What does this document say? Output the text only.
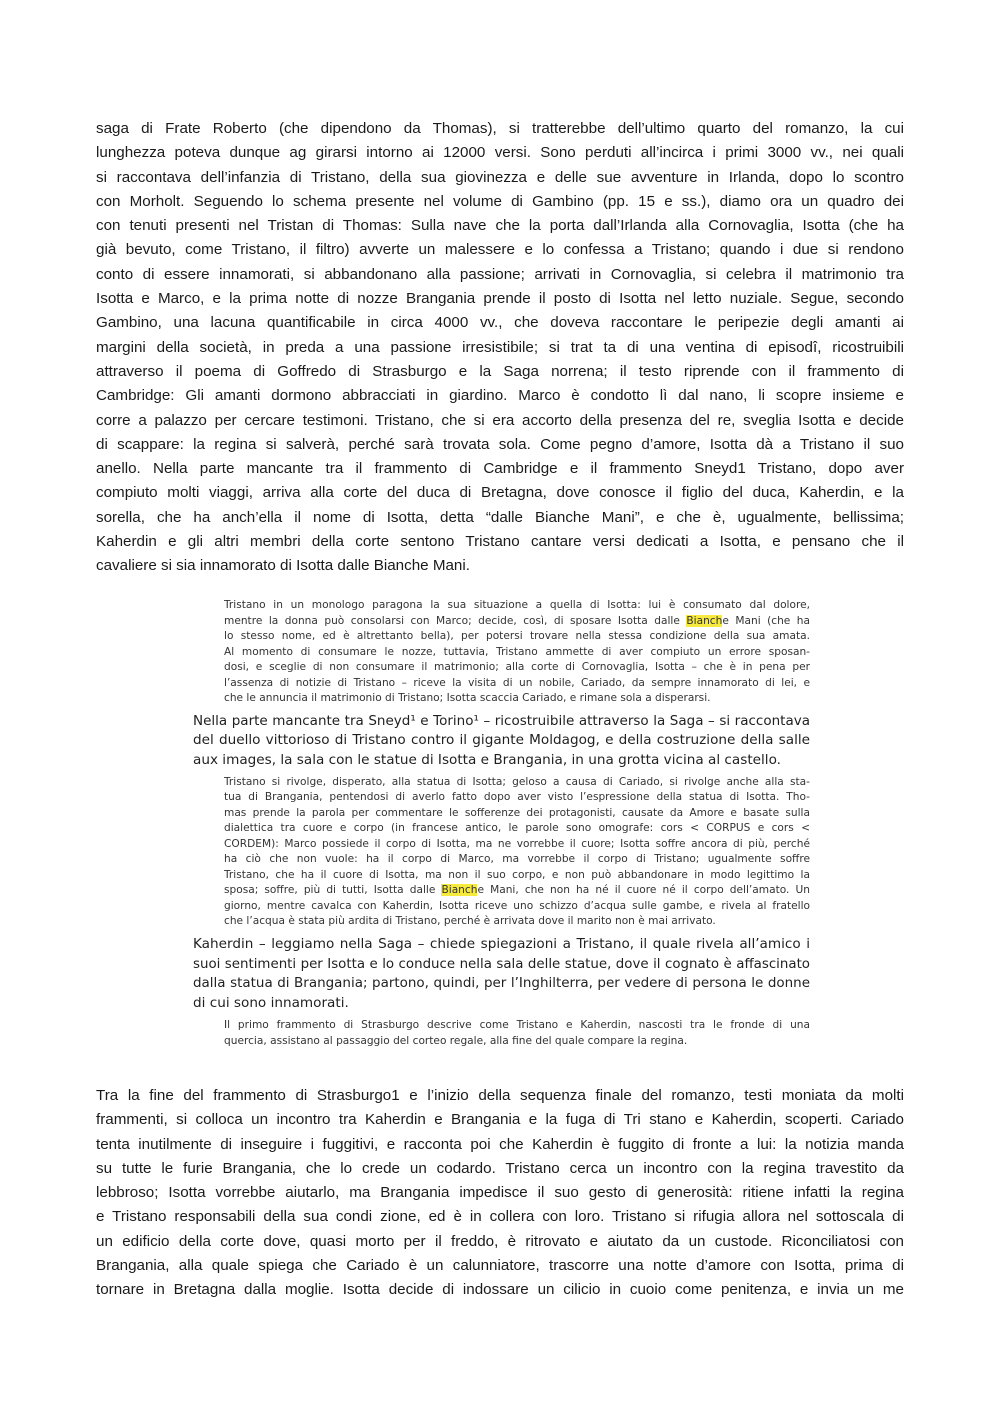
saga di Frate Roberto (che dipendono da Thomas), si tratterebbe dell’ultimo quarto del romanzo, la cui
lunghezza poteva dunque ag girarsi intorno ai 12000 versi. Sono perduti all’incirca i primi 3000 vv., nei quali
si raccontava dell’infanzia di Tristano, della sua giovinezza e delle sue avventure in Irlanda, dopo lo scontro
con Morholt. Seguendo lo schema presente nel volume di Gambino (pp. 15 e ss.), diamo ora un quadro dei
con tenuti presenti nel Tristan di Thomas: Sulla nave che la porta dall’Irlanda alla Cornovaglia, Isotta (che ha
già bevuto, come Tristano, il filtro) avverte un malessere e lo confessa a Tristano; quando i due si rendono
conto di essere innamorati, si abbandonano alla passione; arrivati in Cornovaglia, si celebra il matrimonio tra
Isotta e Marco, e la prima notte di nozze Brangania prende il posto di Isotta nel letto nuziale. Segue, secondo
Gambino, una lacuna quantificabile in circa 4000 vv., che doveva raccontare le peripezie degli amanti ai
margini della società, in preda a una passione irresistibile; si trat ta di una ventina di episodî, ricostruibili
attraverso il poema di Goffredo di Strasburgo e la Saga norrena; il testo riprende con il frammento di
Cambridge: Gli amanti dormono abbracciati in giardino. Marco è condotto lì dal nano, li scopre insieme e
corre a palazzo per cercare testimoni. Tristano, che si era accorto della presenza del re, sveglia Isotta e decide
di scappare: la regina si salverà, perché sarà trovata sola. Come pegno d’amore, Isotta dà a Tristano il suo
anello. Nella parte mancante tra il frammento di Cambridge e il frammento Sneyd1 Tristano, dopo aver
compiuto molti viaggi, arriva alla corte del duca di Bretagna, dove conosce il figlio del duca, Kaherdin, e la
sorella, che ha anch’ella il nome di Isotta, detta “dalle Bianche Mani”, e che è, ugualmente, bellissima;
Kaherdin e gli altri membri della corte sentono Tristano cantare versi dedicati a Isotta, e pensano che il
cavaliere si sia innamorato di Isotta dalle Bianche Mani.
Tristano in un monologo paragona la sua situazione a quella di Isotta: lui è consumato dal dolore,
mentre la donna può consolarsi con Marco; decide, così, di sposare Isotta dalle Bianche Mani (che ha
lo stesso nome, ed è altrettanto bella), per potersi trovare nella stessa condizione della sua amata.
Al momento di consumare le nozze, tuttavia, Tristano ammette di aver compiuto un errore sposan-
dosi, e sceglie di non consumare il matrimonio; alla corte di Cornovaglia, Isotta – che è in pena per
l’assenza di notizie di Tristano – riceve la visita di un nobile, Cariado, da sempre innamorato di lei, e
che le annuncia il matrimonio di Tristano; Isotta scaccia Cariado, e rimane sola a disperarsi.
Nella parte mancante tra Sneyd¹ e Torino¹ – ricostruibile attraverso la Saga – si raccontava
del duello vittorioso di Tristano contro il gigante Moldagog, e della costruzione della salle
aux images, la sala con le statue di Isotta e Brangania, in una grotta vicina al castello.
Tristano si rivolge, disperato, alla statua di Isotta; geloso a causa di Cariado, si rivolge anche alla sta-
tua di Brangania, pentendosi di averlo fatto dopo aver visto l’espressione della statua di Isotta. Tho-
mas prende la parola per commentare le sofferenze dei protagonisti, causate da Amore e basate sulla
dialettica tra cuore e corpo (in francese antico, le parole sono omografe: cors < CORPUS e cors <
CORDEM): Marco possiede il corpo di Isotta, ma ne vorrebbe il cuore; Isotta soffre ancora di più, perché
ha ciò che non vuole: ha il corpo di Marco, ma vorrebbe il corpo di Tristano; ugualmente soffre
Tristano, che ha il cuore di Isotta, ma non il suo corpo, e non può abbandonare in modo legittimo la
sposa; soffre, più di tutti, Isotta dalle Bianche Mani, che non ha né il cuore né il corpo dell’amato. Un
giorno, mentre cavalca con Kaherdin, Isotta riceve uno schizzo d’acqua sulle gambe, e rivela al fratello
che l’acqua è stata più ardita di Tristano, perché è arrivata dove il marito non è mai arrivato.
Kaherdin – leggiamo nella Saga – chiede spiegazioni a Tristano, il quale rivela all’amico i
suoi sentimenti per Isotta e lo conduce nella sala delle statue, dove il cognato è affascinato
dalla statua di Brangania; partono, quindi, per l’Inghilterra, per vedere di persona le donne
di cui sono innamorati.
Il primo frammento di Strasburgo descrive come Tristano e Kaherdin, nascosti tra le fronde di una
quercia, assistano al passaggio del corteo regale, alla fine del quale compare la regina.
Tra la fine del frammento di Strasburgo1 e l’inizio della sequenza finale del romanzo, testi moniata da molti
frammenti, si colloca un incontro tra Kaherdin e Brangania e la fuga di Tri stano e Kaherdin, scoperti. Cariado
tenta inutilmente di inseguire i fuggitivi, e racconta poi che Kaherdin è fuggito di fronte a lui: la notizia manda
su tutte le furie Brangania, che lo crede un codardo. Tristano cerca un incontro con la regina travestito da
lebbroso; Isotta vorrebbe aiutarlo, ma Brangania impedisce il suo gesto di generosità: ritiene infatti la regina
e Tristano responsabili della sua condi zione, ed è in collera con loro. Tristano si rifugia allora nel sottoscala di
un edificio della corte dove, quasi morto per il freddo, è ritrovato e aiutato da un custode. Riconciliatosi con
Brangania, alla quale spiega che Cariado è un calunniatore, trascorre una notte d’amore con Isotta, prima di
tornare in Bretagna dalla moglie. Isotta decide di indossare un cilicio in cuoio come penitenza, e invia un me
